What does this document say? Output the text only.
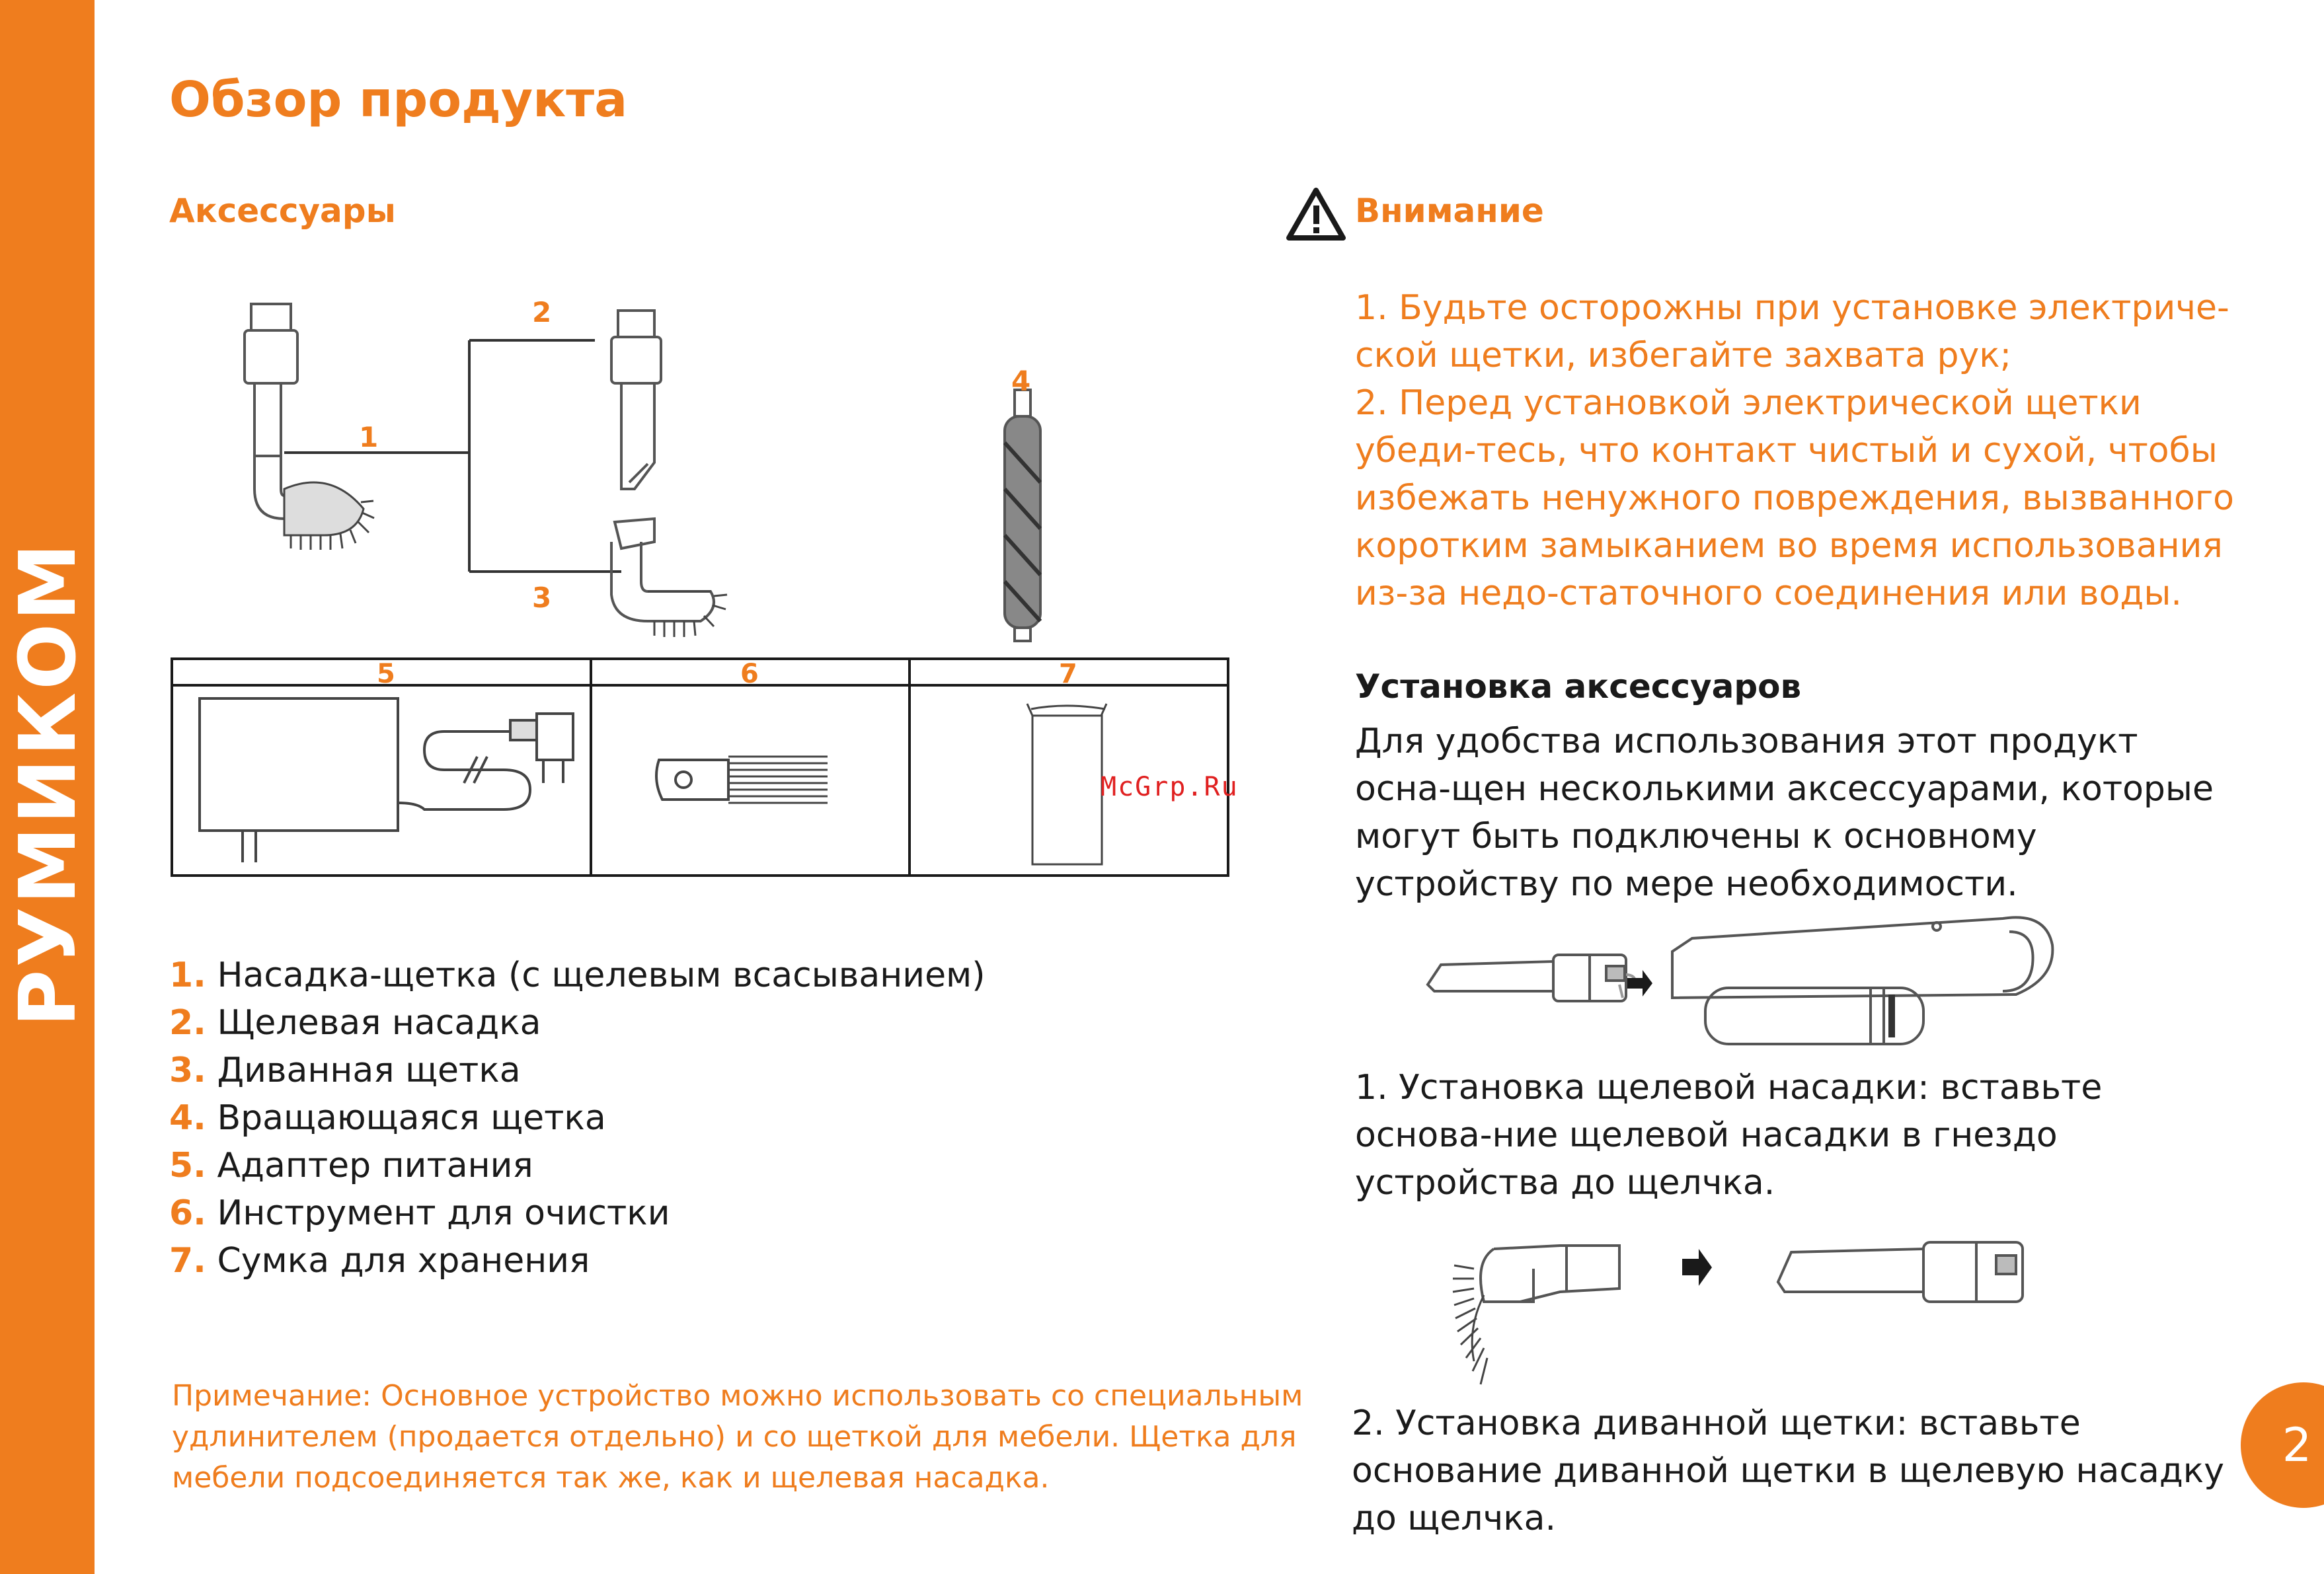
РУМИКОМ
Обзор продукта
Аксессуары
2
1
3
4
5	6	7
McGrp.Ru
1. Насадка-щетка (с щелевым всасыванием)
2. Щелевая насадка
3. Диванная щетка
4. Вращающаяся щетка
5. Адаптер питания
6. Инструмент для очистки
7. Сумка для хранения
Примечание: Основное устройство можно использовать со специальным удлинителем (продается отдельно) и со щеткой для мебели. Щетка для мебели подсоединяется так же, как и щелевая насадка.
Внимание

1. Будьте осторожны при установке электриче-ской щетки, избегайте захвата рук;

2. Перед установкой электрической щетки убеди-тесь, что контакт чистый и сухой, чтобы избежать ненужного повреждения, вызванного коротким замыканием во время использования из-за недо-статочного соединения или воды.

Установка аксессуаров
Для удобства использования этот продукт осна-щен несколькими аксессуарами, которые могут быть подключены к основному устройству по мере необходимости.
1. Установка щелевой насадки: вставьте основа-ние щелевой насадки в гнездо устройства до щелчка.
2. Установка диванной щетки: вставьте основание диванной щетки в щелевую насадку до щелчка.
2
